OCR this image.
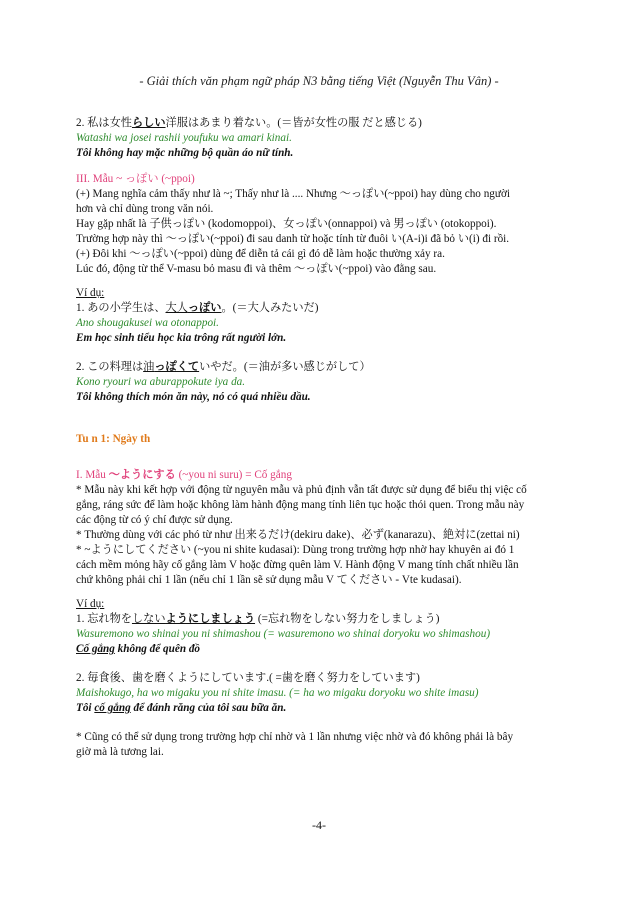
- Giải thích văn phạm ngữ pháp N3 bằng tiếng Việt (Nguyễn Thu Vân) -

2. 私は女性らしい洋服はあまり着ない。(＝皆が女性の服 だと感じる)

Watashi wa josei rashii youfuku wa amari kinai.

Tôi không hay mặc những bộ quần áo nữ tính.

III. Mẫu ~ っぽい (~ppoi)

(+) Mang nghĩa cảm thấy như là ~; Thấy như là .... Nhưng 〜っぽい(~ppoi) hay dùng cho người

hơn và chỉ dùng trong văn nói.

Hay gặp nhất là 子供っぽい (kodomoppoi)、女っぽい(onnappoi) và 男っぽい (otokoppoi).

Trường hợp này thì 〜っぽい(~ppoi) đi sau danh từ hoặc tính từ đuôi い(A-i)i đã bỏ い(i) đi rồi.

(+) Đôi khi 〜っぽい(~ppoi) dùng để diễn tả cái gì đó dễ làm hoặc thường xảy ra.

Lúc đó, động từ thể V-masu bỏ masu đi và thêm 〜っぽい(~ppoi) vào đằng sau.

Ví dụ:

1. あの小学生は、大人っぽい。(＝大人みたいだ)

Ano shougakusei wa otonappoi.

Em học sinh tiểu học kia trông rất người lớn.

2. この料理は油っぽくていやだ。(＝油が多い感じがして）

Kono ryouri wa aburappokute iya da.

Tôi không thích món ăn này, nó có quá nhiều dầu.

Tu n 1: Ngày th

I. Mẫu ～ようにする (~you ni suru) = Cố gắng

* Mẫu này khi kết hợp với động từ nguyên mẫu và phủ định vẫn tất được sử dụng để biểu thị việc cố

gắng, ráng sức để làm hoặc không làm hành động mang tính liên tục hoặc thói quen. Trong mẫu này

các động từ có ý chí được sử dụng.

* Thường dùng với các phó từ như 出来るだけ(dekiru dake)、必ず(kanarazu)、絶対に(zettai ni)

* ~ようにしてください (~you ni shite kudasai): Dùng trong trường hợp nhờ hay khuyên ai đó 1

cách mềm mỏng hãy cố gắng làm V hoặc đừng quên làm V. Hành động V mang tính chất nhiều lần

chứ không phải chỉ 1 lần (nếu chỉ 1 lần sẽ sử dụng mẫu V てください - Vte kudasai).

Ví dụ:

1. 忘れ物をしないようにしましょう (=忘れ物をしない努力をしましょう)

Wasuremono wo shinai you ni shimashou (= wasuremono wo shinai doryoku wo shimashou)

Cố gắng không để quên đồ

2. 毎食後、歯を磨くようにしています.( =歯を磨く努力をしています)

Maishokugo, ha wo migaku you ni shite imasu. (= ha wo migaku doryoku wo shite imasu)

Tôi cố gắng để đánh răng của tôi sau bữa ăn.

* Cũng có thể sử dụng trong trường hợp chỉ nhờ và 1 lần nhưng việc nhờ và đó không phải là bây

giờ mà là tương lai.

-4-
